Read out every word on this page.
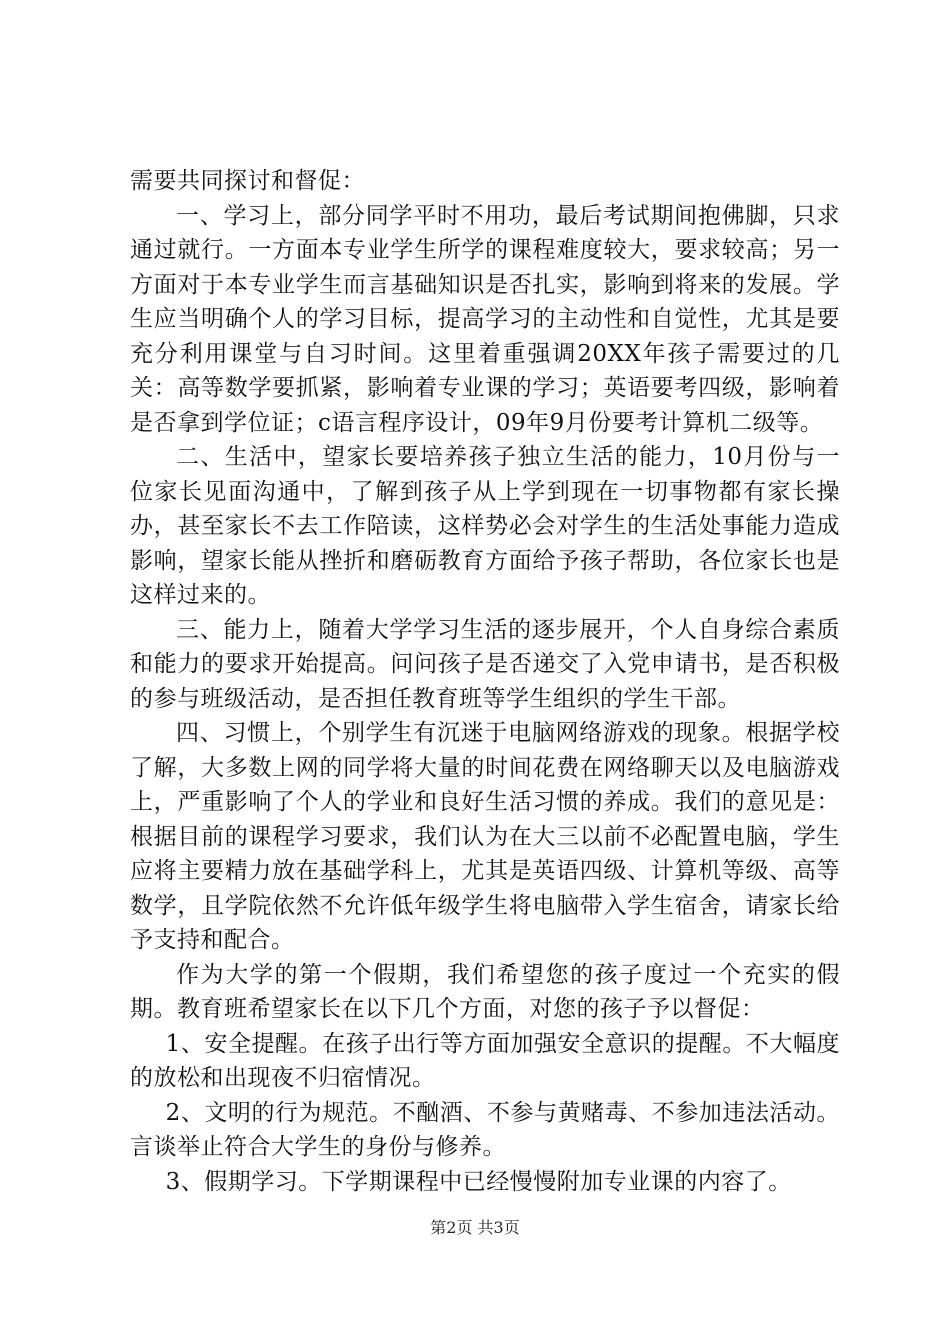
需要共同探讨和督促：

一、学习上，部分同学平时不用功，最后考试期间抱佛脚，只求通过就行。一方面本专业学生所学的课程难度较大，要求较高；另一方面对于本专业学生而言基础知识是否扎实，影响到将来的发展。学生应当明确个人的学习目标，提高学习的主动性和自觉性，尤其是要充分利用课堂与自习时间。这里着重强调20XX年孩子需要过的几关：高等数学要抓紧，影响着专业课的学习；英语要考四级，影响着是否拿到学位证；c语言程序设计，09年9月份要考计算机二级等。

二、生活中，望家长要培养孩子独立生活的能力，10月份与一位家长见面沟通中，了解到孩子从上学到现在一切事物都有家长操办，甚至家长不去工作陪读，这样势必会对学生的生活处事能力造成影响，望家长能从挫折和磨砺教育方面给予孩子帮助，各位家长也是这样过来的。

三、能力上，随着大学学习生活的逐步展开，个人自身综合素质和能力的要求开始提高。问问孩子是否递交了入党申请书，是否积极的参与班级活动，是否担任教育班等学生组织的学生干部。

四、习惯上，个别学生有沉迷于电脑网络游戏的现象。根据学校了解，大多数上网的同学将大量的时间花费在网络聊天以及电脑游戏上，严重影响了个人的学业和良好生活习惯的养成。我们的意见是：根据目前的课程学习要求，我们认为在大三以前不必配置电脑，学生应将主要精力放在基础学科上，尤其是英语四级、计算机等级、高等数学，且学院依然不允许低年级学生将电脑带入学生宿舍，请家长给予支持和配合。

作为大学的第一个假期，我们希望您的孩子度过一个充实的假期。教育班希望家长在以下几个方面，对您的孩子予以督促：

1、安全提醒。在孩子出行等方面加强安全意识的提醒。不大幅度的放松和出现夜不归宿情况。

2、文明的行为规范。不酗酒、不参与黄赌毒、不参加违法活动。言谈举止符合大学生的身份与修养。

3、假期学习。下学期课程中已经慢慢附加专业课的内容了。

第2页 共3页
